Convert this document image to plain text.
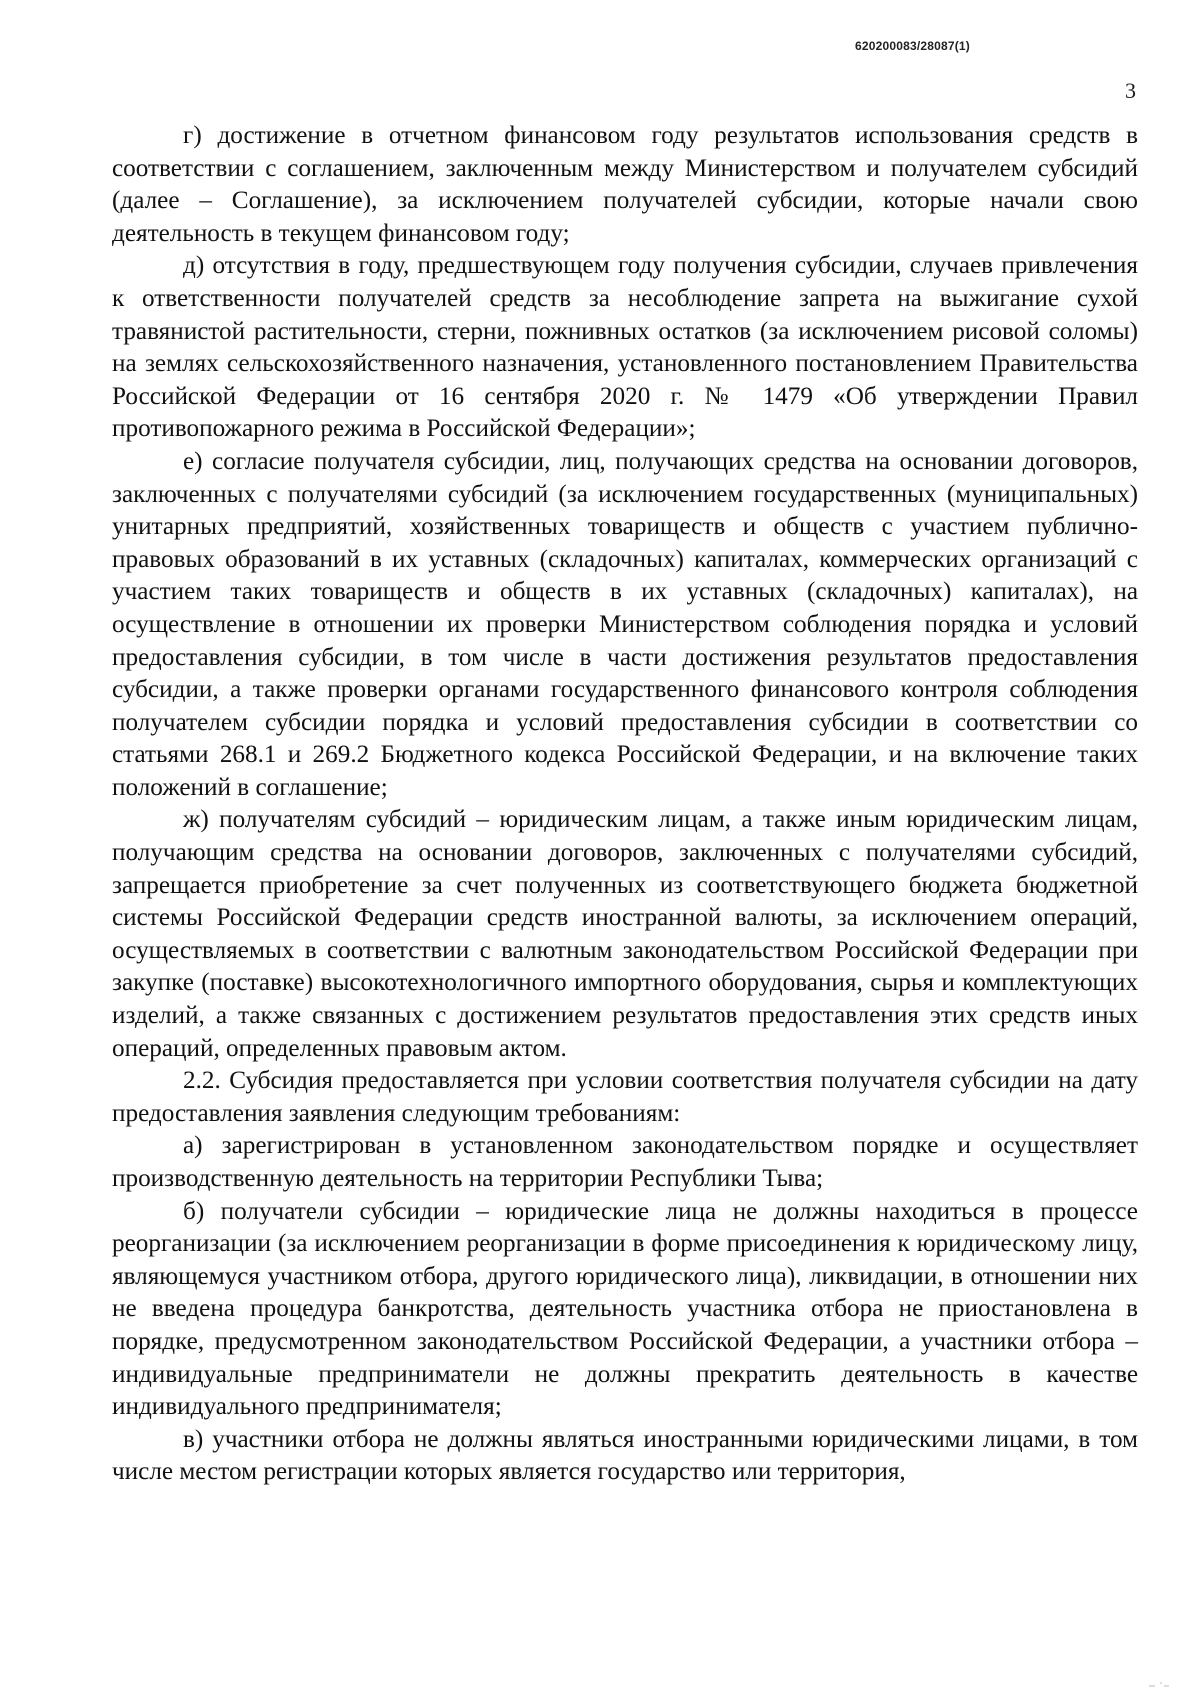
620200083/28087(1)
3

г) достижение в отчетном финансовом году результатов использования средств в соответствии с соглашением, заключенным между Министерством и получателем субсидий (далее – Соглашение), за исключением получателей субсидии, которые начали свою деятельность в текущем финансовом году;

д) отсутствия в году, предшествующем году получения субсидии, случаев привлечения к ответственности получателей средств за несоблюдение запрета на выжигание сухой травянистой растительности, стерни, пожнивных остатков (за исключением рисовой соломы) на землях сельскохозяйственного назначения, установленного постановлением Правительства Российской Федерации от 16 сентября 2020 г. № 1479 «Об утверждении Правил противопожарного режима в Российской Федерации»;

е) согласие получателя субсидии, лиц, получающих средства на основании договоров, заключенных с получателями субсидий (за исключением государственных (муниципальных) унитарных предприятий, хозяйственных товариществ и обществ с участием публично-правовых образований в их уставных (складочных) капиталах, коммерческих организаций с участием таких товариществ и обществ в их уставных (складочных) капиталах), на осуществление в отношении их проверки Министерством соблюдения порядка и условий предоставления субсидии, в том числе в части достижения результатов предоставления субсидии, а также проверки органами государственного финансового контроля соблюдения получателем субсидии порядка и условий предоставления субсидии в соответствии со статьями 268.1 и 269.2 Бюджетного кодекса Российской Федерации, и на включение таких положений в соглашение;

ж) получателям субсидий – юридическим лицам, а также иным юридическим лицам, получающим средства на основании договоров, заключенных с получателями субсидий, запрещается приобретение за счет полученных из соответствующего бюджета бюджетной системы Российской Федерации средств иностранной валюты, за исключением операций, осуществляемых в соответствии с валютным законодательством Российской Федерации при закупке (поставке) высокотехнологичного импортного оборудования, сырья и комплектующих изделий, а также связанных с достижением результатов предоставления этих средств иных операций, определенных правовым актом.

2.2. Субсидия предоставляется при условии соответствия получателя субсидии на дату предоставления заявления следующим требованиям:

а) зарегистрирован в установленном законодательством порядке и осуществляет производственную деятельность на территории Республики Тыва;

б) получатели субсидии – юридические лица не должны находиться в процессе реорганизации (за исключением реорганизации в форме присоединения к юридическому лицу, являющемуся участником отбора, другого юридического лица), ликвидации, в отношении них не введена процедура банкротства, деятельность участника отбора не приостановлена в порядке, предусмотренном законодательством Российской Федерации, а участники отбора – индивидуальные предприниматели не должны прекратить деятельность в качестве индивидуального предпринимателя;

в) участники отбора не должны являться иностранными юридическими лицами, в том числе местом регистрации которых является государство или территория,
